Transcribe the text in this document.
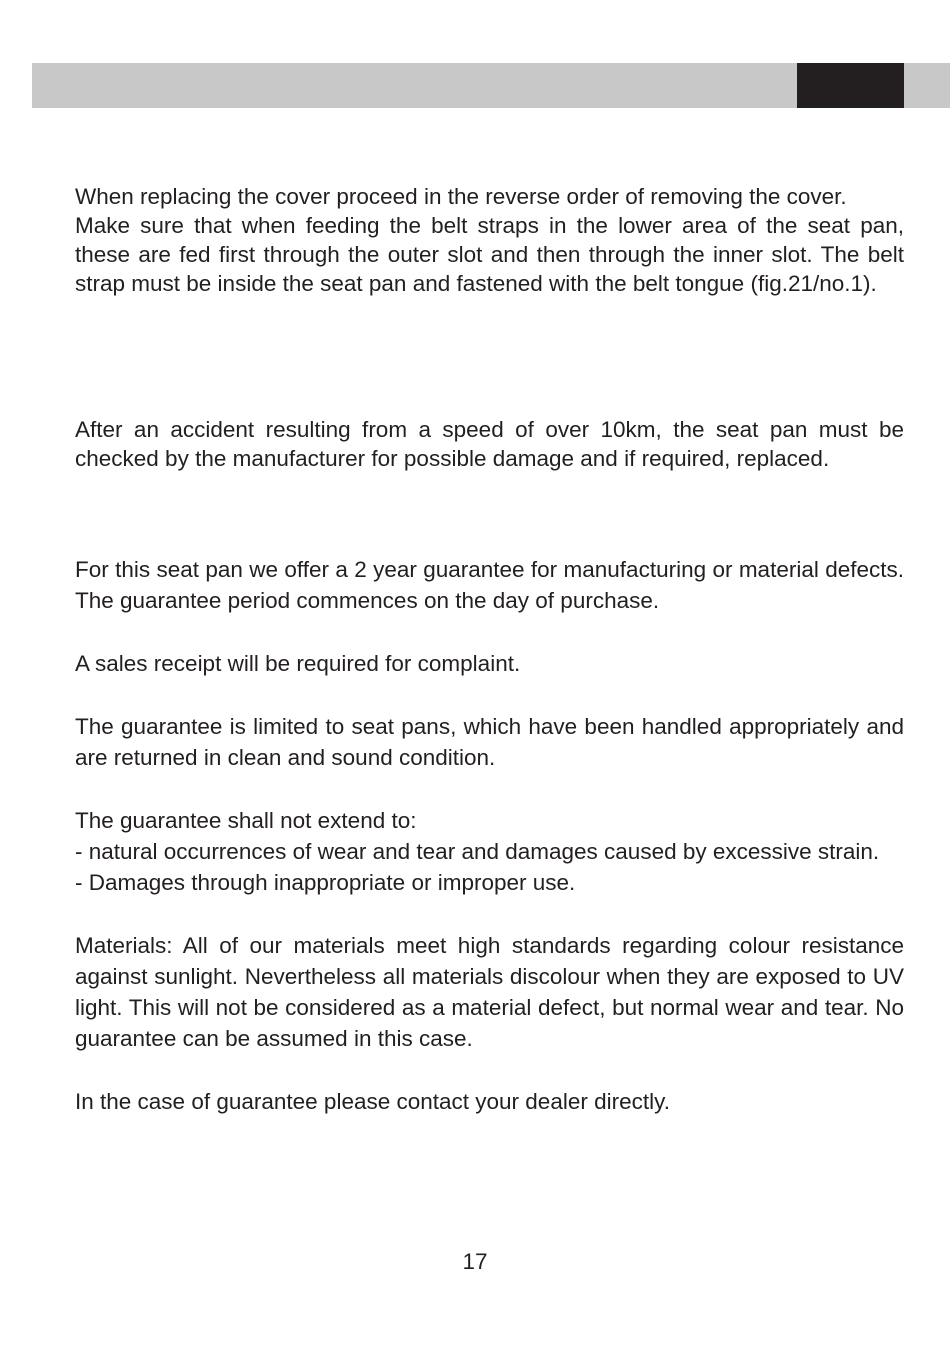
When replacing the cover proceed in the reverse order of removing the cover.

Make sure that when feeding the belt straps in the lower area of the seat pan, these are fed first through the outer slot and then through the inner slot. The belt strap must be inside the seat pan and fastened with the belt tongue (fig.21/no.1).

After an accident resulting from a speed of over 10km, the seat pan must be checked by the manufacturer for possible damage and if required, replaced.

For this seat pan we offer a 2 year guarantee for manufacturing or material defects. The guarantee period commences on the day of purchase.

A sales receipt will be required for complaint.

The guarantee is limited to seat pans, which have been handled appropriately and are returned in clean and sound condition.

The guarantee shall not extend to:

- natural occurrences of wear and tear and damages caused by excessive strain.
- Damages through inappropriate or improper use.

Materials: All of our materials meet high standards regarding colour resistance against sunlight. Nevertheless all materials discolour when they are exposed to UV light. This will not be considered as a material defect, but normal wear and tear. No guarantee can be assumed in this case.

In the case of guarantee please contact your dealer directly.

17
